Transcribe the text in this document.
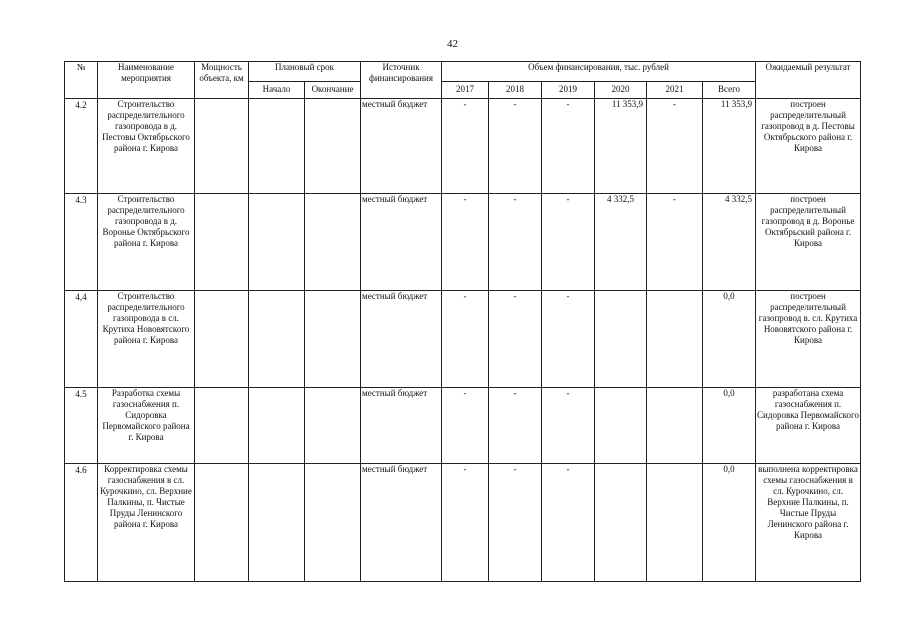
42
№	Наименование мероприятия	Мощность объекта, км	Плановый срок		Источник финансирования	Объем финансирования, тыс. рублей						Ожидаемый результат
			Начало	Окончание		2017	2018	2019	2020	2021	Всего	
4.2	Строительство распределительного газопровода в д. Пестовы Октябрьского района г. Кирова				местный бюджет	-	-	-	11 353,9	-	11 353,9	построен распределительный газопровод в д. Пестовы Октябрьского района г. Кирова
4.3	Строительство распределительного газопровода в д. Воронье Октябрьского района г. Кирова				местный бюджет	-	-	-	4 332,5	-	4 332,5	построен распределительный газопровод в д. Воронье Октябрьский района г. Кирова
4,4	Строительство распределительного газопровода в сл. Крутиха Нововятского района г. Кирова				местный бюджет	-	-	-			0,0	построен распределительный газопровод в. сл. Крутиха Нововятского района г. Кирова
4.5	Разработка схемы газоснабжения п. Сидоровка Первомайского района г. Кирова				местный бюджет	-	-	-			0,0	разработана схема газоснабжения п. Сидоровка Первомайского района г. Кирова
4.6	Корректировка схемы газоснабжения в сл. Курочкино, сл. Верхние Палкины, п. Чистые Пруды Ленинского района г. Кирова				местный бюджет	-	-	-			0,0	выполнена корректировка схемы газоснабжения в сл. Курочкино, сл. Верхние Палкины, п. Чистые Пруды Ленинского района г. Кирова
